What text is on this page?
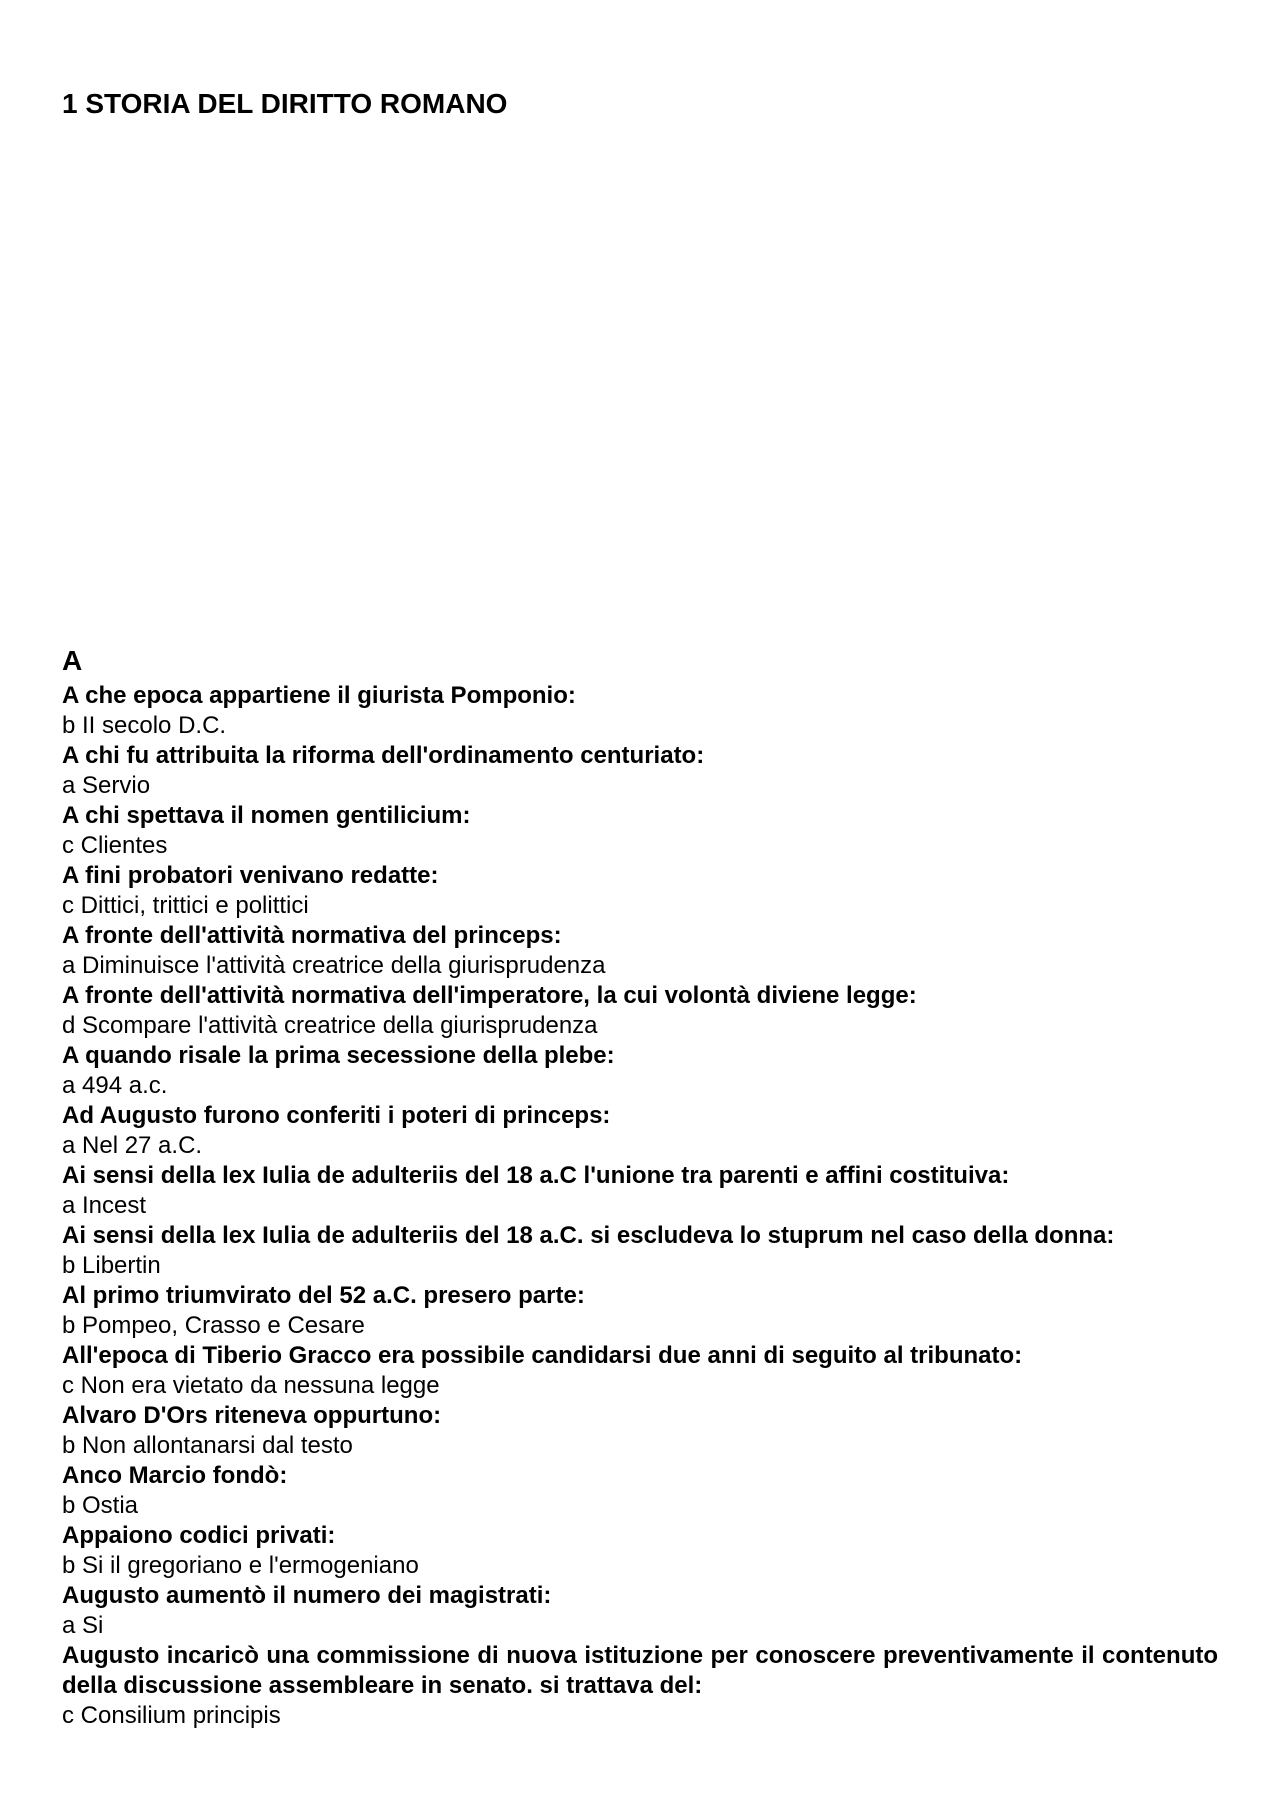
1 STORIA DEL DIRITTO ROMANO
A

A che epoca appartiene il giurista Pomponio:

b II secolo D.C.

A chi fu attribuita la riforma dell'ordinamento centuriato:

a Servio

A chi spettava il nomen gentilicium:

c Clientes

A fini probatori venivano redatte:

c Dittici, trittici e polittici

A fronte dell'attività normativa del princeps:

a Diminuisce l'attività creatrice della giurisprudenza

A fronte dell'attività normativa dell'imperatore, la cui volontà diviene legge:

d Scompare l'attività creatrice della giurisprudenza

A quando risale la prima secessione della plebe:

a 494 a.c.

Ad Augusto furono conferiti i poteri di princeps:

a Nel 27 a.C.

Ai sensi della lex Iulia de adulteriis del 18 a.C l'unione tra parenti e affini costituiva:

a Incest

Ai sensi della lex Iulia de adulteriis del 18 a.C. si escludeva lo stuprum nel caso della donna:

b Libertin

Al primo triumvirato del 52 a.C. presero parte:

b Pompeo, Crasso e Cesare

All'epoca di Tiberio Gracco era possibile candidarsi due anni di seguito al tribunato:

c Non era vietato da nessuna legge

Alvaro D'Ors riteneva oppurtuno:

b Non allontanarsi dal testo

Anco Marcio fondò:

b Ostia

Appaiono codici privati:

b Si il gregoriano e l'ermogeniano

Augusto aumentò il numero dei magistrati:

a Si

Augusto incaricò una commissione di nuova istituzione per conoscere preventivamente il contenuto della discussione assembleare in senato. si trattava del:

c Consilium principis
